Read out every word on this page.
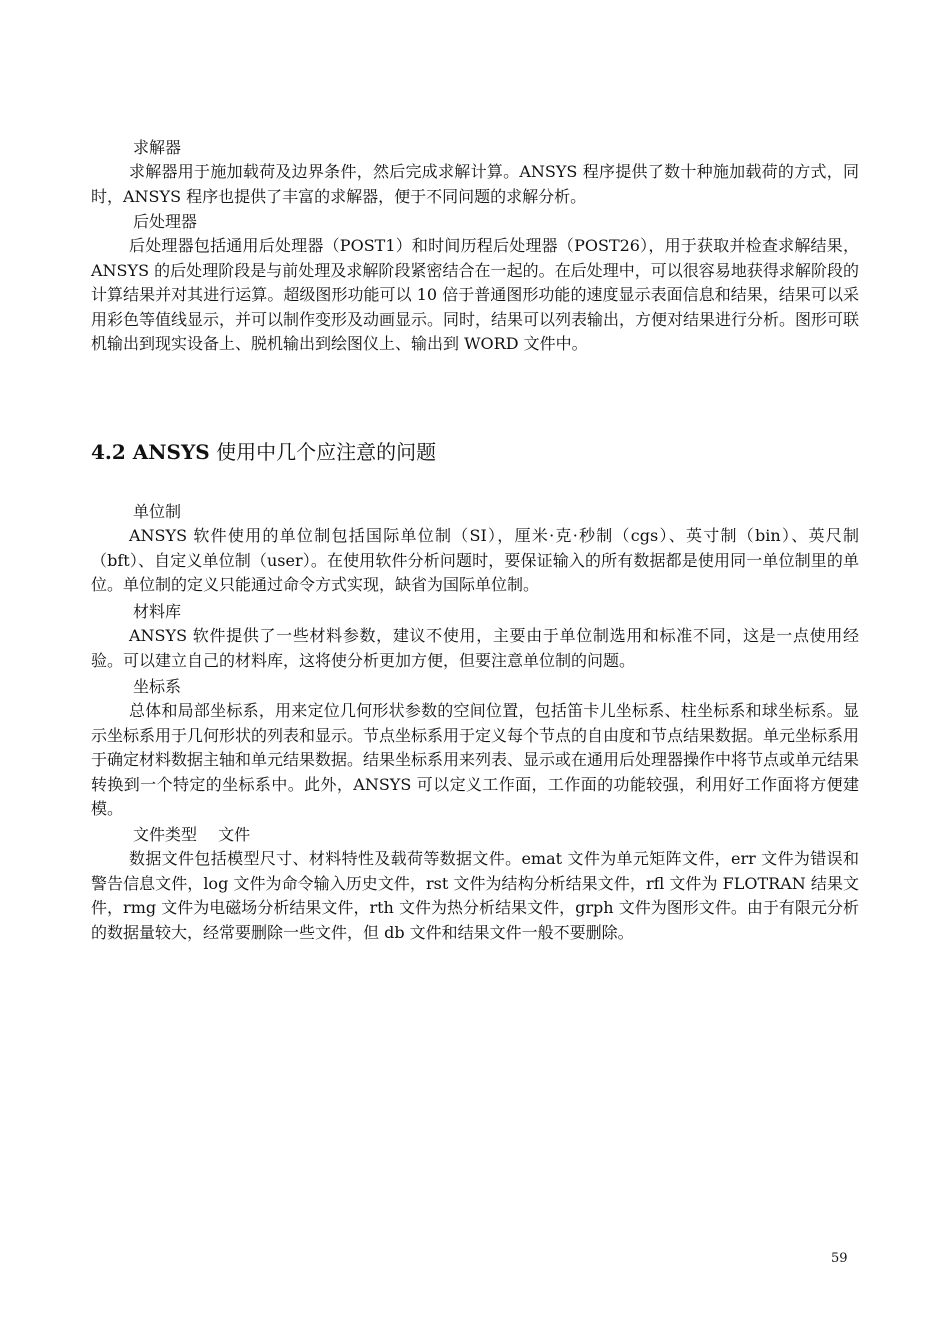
求解器

求解器用于施加载荷及边界条件，然后完成求解计算。ANSYS 程序提供了数十种施加载荷的方式，同时，ANSYS 程序也提供了丰富的求解器，便于不同问题的求解分析。

后处理器

后处理器包括通用后处理器（POST1）和时间历程后处理器（POST26），用于获取并检查求解结果，ANSYS 的后处理阶段是与前处理及求解阶段紧密结合在一起的。在后处理中，可以很容易地获得求解阶段的计算结果并对其进行运算。超级图形功能可以 10 倍于普通图形功能的速度显示表面信息和结果，结果可以采用彩色等值线显示，并可以制作变形及动画显示。同时，结果可以列表输出，方便对结果进行分析。图形可联机输出到现实设备上、脱机输出到绘图仪上、输出到 WORD 文件中。

4.2 ANSYS 使用中几个应注意的问题
单位制

ANSYS 软件使用的单位制包括国际单位制（SI），厘米·克·秒制（cgs）、英寸制（bin）、英尺制（bft）、自定义单位制（user）。在使用软件分析问题时，要保证输入的所有数据都是使用同一单位制里的单位。单位制的定义只能通过命令方式实现，缺省为国际单位制。

材料库

ANSYS 软件提供了一些材料参数，建议不使用，主要由于单位制选用和标准不同，这是一点使用经验。可以建立自己的材料库，这将使分析更加方便，但要注意单位制的问题。

坐标系

总体和局部坐标系，用来定位几何形状参数的空间位置，包括笛卡儿坐标系、柱坐标系和球坐标系。显示坐标系用于几何形状的列表和显示。节点坐标系用于定义每个节点的自由度和节点结果数据。单元坐标系用于确定材料数据主轴和单元结果数据。结果坐标系用来列表、显示或在通用后处理器操作中将节点或单元结果转换到一个特定的坐标系中。此外，ANSYS 可以定义工作面，工作面的功能较强，利用好工作面将方便建模。

文件类型　 文件

数据文件包括模型尺寸、材料特性及载荷等数据文件。emat 文件为单元矩阵文件，err 文件为错误和警告信息文件，log 文件为命令输入历史文件，rst 文件为结构分析结果文件，rfl 文件为 FLOTRAN 结果文件，rmg 文件为电磁场分析结果文件，rth 文件为热分析结果文件，grph 文件为图形文件。由于有限元分析的数据量较大，经常要删除一些文件，但 db 文件和结果文件一般不要删除。

59
